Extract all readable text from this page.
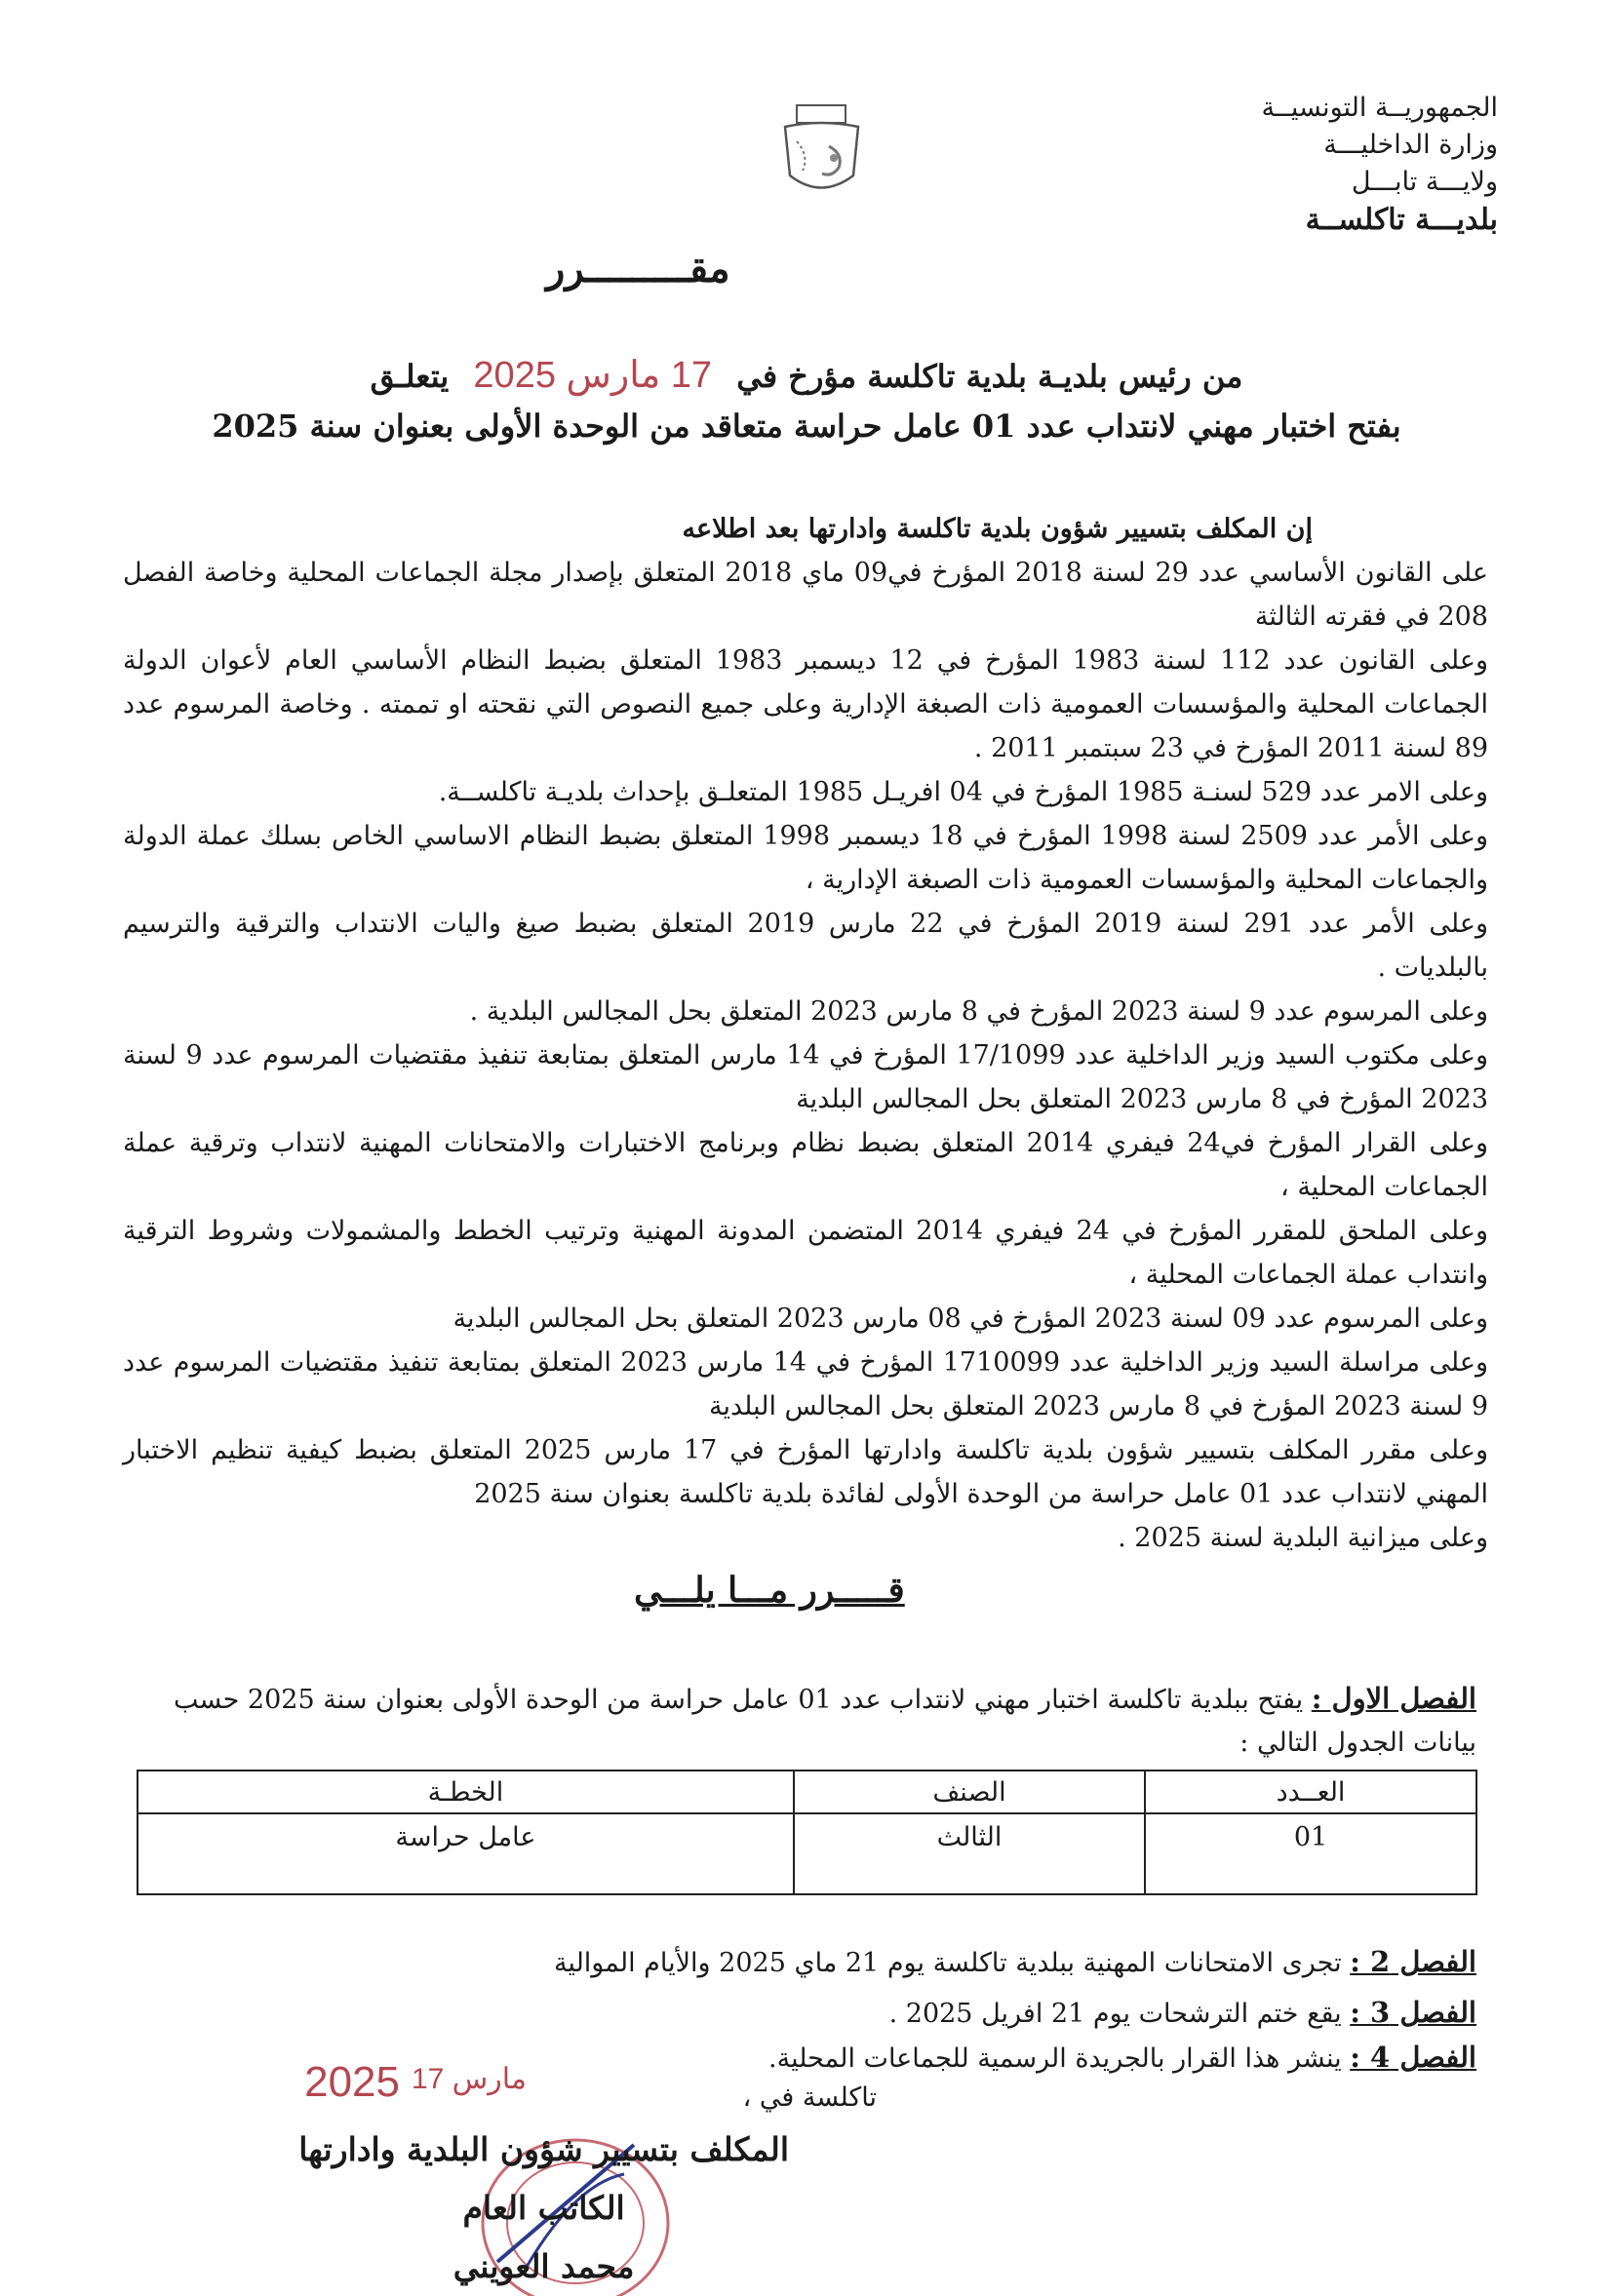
الجمهوريــة التونسيــة
وزارة الداخليـــة
ولايـــة تابـــل
بلديـــة تاكلســة
مقـــــــــرر
من رئيس بلديـة بلدية تاكلسة مؤرخ في 17 مارس 2025 يتعلـق
بفتح اختبار مهني لانتداب عدد 01 عامل حراسة متعاقد من الوحدة الأولى بعنوان سنة 2025

إن المكلف بتسيير شؤون بلدية تاكلسة وادارتها بعد اطلاعه

على القانون الأساسي عدد 29 لسنة 2018 المؤرخ في09 ماي 2018 المتعلق بإصدار مجلة الجماعات المحلية وخاصة الفصل 208 في فقرته الثالثة

وعلى القانون عدد 112 لسنة 1983 المؤرخ في 12 ديسمبر 1983 المتعلق بضبط النظام الأساسي العام لأعوان الدولة الجماعات المحلية والمؤسسات العمومية ذات الصبغة الإدارية وعلى جميع النصوص التي نقحته او تممته . وخاصة المرسوم عدد 89 لسنة 2011 المؤرخ في 23 سبتمبر 2011 .

وعلى الامر عدد 529 لسنـة 1985 المؤرخ في 04 افريـل 1985 المتعلـق بإحداث بلديـة تاكلســة.

وعلى الأمر عدد 2509 لسنة 1998 المؤرخ في 18 ديسمبر 1998 المتعلق بضبط النظام الاساسي الخاص بسلك عملة الدولة والجماعات المحلية والمؤسسات العمومية ذات الصبغة الإدارية ،

وعلى الأمر عدد 291 لسنة 2019 المؤرخ في 22 مارس 2019 المتعلق بضبط صيغ واليات الانتداب والترقية والترسيم بالبلديات .

وعلى المرسوم عدد 9 لسنة 2023 المؤرخ في 8 مارس 2023 المتعلق بحل المجالس البلدية .

وعلى مكتوب السيد وزير الداخلية عدد 17/1099 المؤرخ في 14 مارس المتعلق بمتابعة تنفيذ مقتضيات المرسوم عدد 9 لسنة 2023 المؤرخ في 8 مارس 2023 المتعلق بحل المجالس البلدية

وعلى القرار المؤرخ في24 فيفري 2014 المتعلق بضبط نظام وبرنامج الاختبارات والامتحانات المهنية لانتداب وترقية عملة الجماعات المحلية ،

وعلى الملحق للمقرر المؤرخ في 24 فيفري 2014 المتضمن المدونة المهنية وترتيب الخطط والمشمولات وشروط الترقية وانتداب عملة الجماعات المحلية ،

وعلى المرسوم عدد 09 لسنة 2023 المؤرخ في 08 مارس 2023 المتعلق بحل المجالس البلدية

وعلى مراسلة السيد وزير الداخلية عدد 1710099 المؤرخ في 14 مارس 2023 المتعلق بمتابعة تنفيذ مقتضيات المرسوم عدد 9 لسنة 2023 المؤرخ في 8 مارس 2023 المتعلق بحل المجالس البلدية

وعلى مقرر المكلف بتسيير شؤون بلدية تاكلسة وادارتها المؤرخ في 17 مارس 2025 المتعلق بضبط كيفية تنظيم الاختبار المهني لانتداب عدد 01 عامل حراسة من الوحدة الأولى لفائدة بلدية تاكلسة بعنوان سنة 2025

وعلى ميزانية البلدية لسنة 2025 .

قـــــرر مـــا يلـــي
الفصل الاول : يفتح ببلدية تاكلسة اختبار مهني لانتداب عدد 01 عامل حراسة من الوحدة الأولى بعنوان سنة 2025 حسب بيانات الجدول التالي :
العــدد	الصنف	الخطـة
01	الثالث	عامل حراسة
الفصل 2 : تجرى الامتحانات المهنية ببلدية تاكلسة يوم 21 ماي 2025 والأيام الموالية
الفصل 3 : يقع ختم الترشحات يوم 21 افريل 2025 .
الفصل 4 : ينشر هذا القرار بالجريدة الرسمية للجماعات المحلية.
تاكلسة في ،
2025 مارس 17
المكلف بتسيير شؤون البلدية وادارتها
الكاتب العام
محمد العويني
